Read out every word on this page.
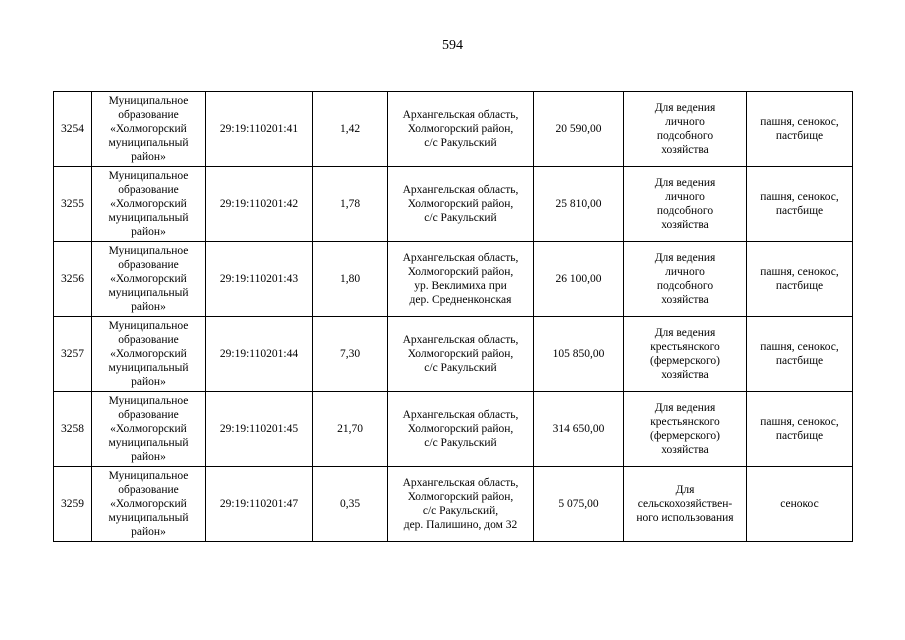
594
3254	Муниципальное
образование
«Холмогорский
муниципальный
район»	29:19:110201:41	1,42	Архангельская область,
Холмогорский район,
с/с Ракульский	20 590,00	Для ведения
личного
подсобного
хозяйства	пашня, сенокос,
пастбище

3255	Муниципальное
образование
«Холмогорский
муниципальный
район»	29:19:110201:42	1,78	Архангельская область,
Холмогорский район,
с/с Ракульский	25 810,00	Для ведения
личного
подсобного
хозяйства	пашня, сенокос,
пастбище

3256	Муниципальное
образование
«Холмогорский
муниципальный
район»	29:19:110201:43	1,80	Архангельская область,
Холмогорский район,
ур. Веклимиха при
дер. Средненконская	26 100,00	Для ведения
личного
подсобного
хозяйства	пашня, сенокос,
пастбище

3257	Муниципальное
образование
«Холмогорский
муниципальный
район»	29:19:110201:44	7,30	Архангельская область,
Холмогорский район,
с/с Ракульский	105 850,00	Для ведения
крестьянского
(фермерского)
хозяйства	пашня, сенокос,
пастбище

3258	Муниципальное
образование
«Холмогорский
муниципальный
район»	29:19:110201:45	21,70	Архангельская область,
Холмогорский район,
с/с Ракульский	314 650,00	Для ведения
крестьянского
(фермерского)
хозяйства	пашня, сенокос,
пастбище

3259	Муниципальное
образование
«Холмогорский
муниципальный
район»	29:19:110201:47	0,35	Архангельская область,
Холмогорский район,
с/с Ракульский,
дер. Палишино, дом 32	5 075,00	Для
сельскохозяйствен-
ного использования	сенокос
